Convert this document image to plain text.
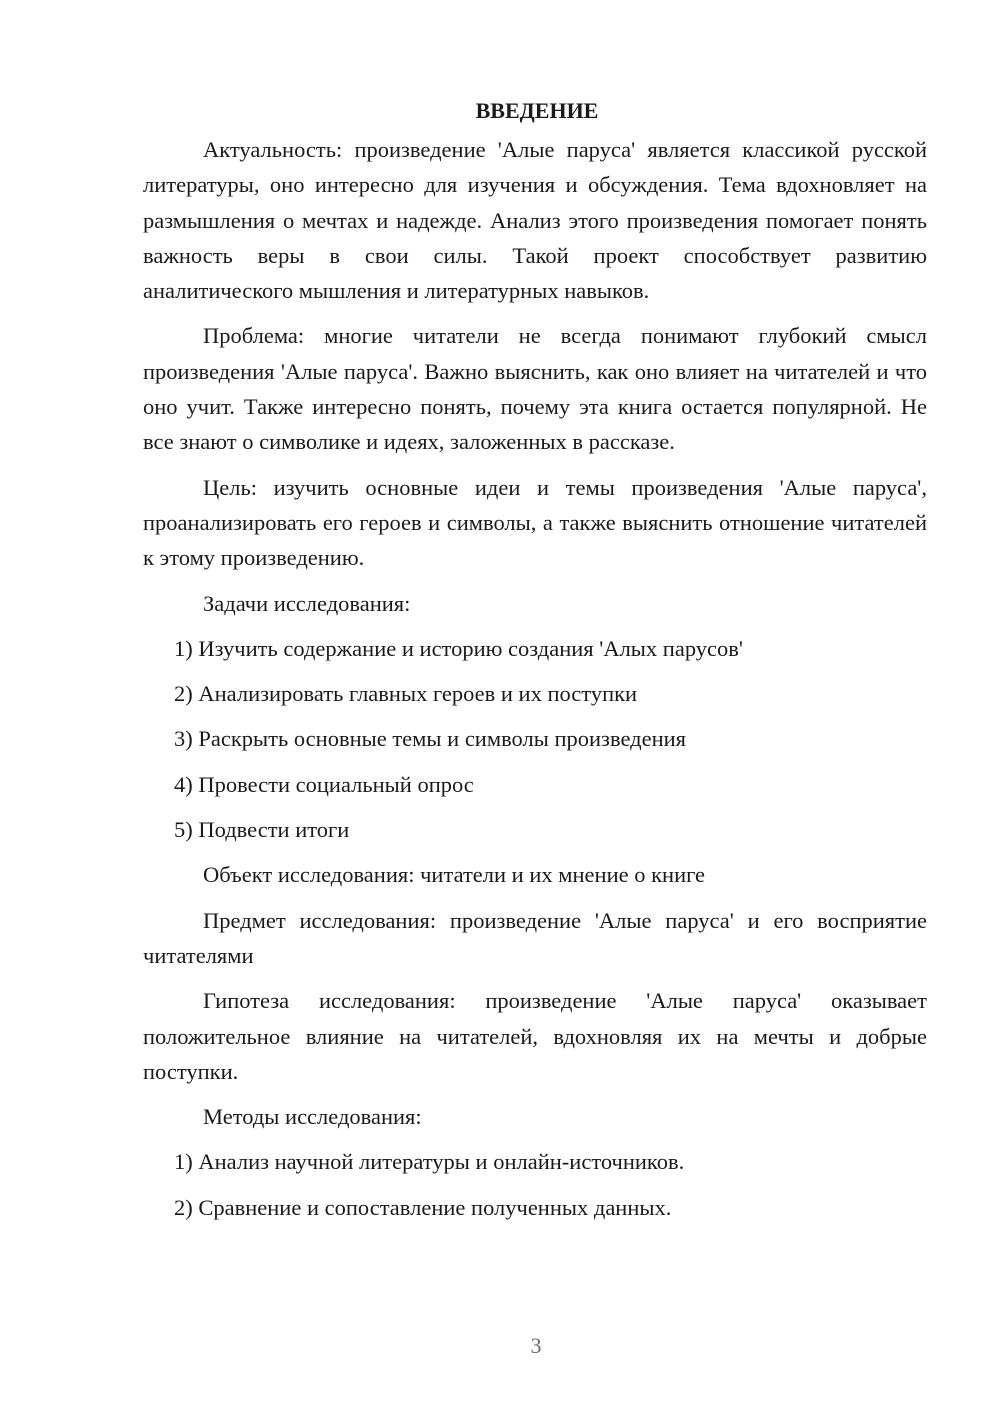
ВВЕДЕНИЕ

Актуальность: произведение 'Алые паруса' является классикой русской литературы, оно интересно для изучения и обсуждения. Тема вдохновляет на размышления о мечтах и надежде. Анализ этого произведения помогает понять важность веры в свои силы. Такой проект способствует развитию аналитического мышления и литературных навыков.

Проблема: многие читатели не всегда понимают глубокий смысл произведения 'Алые паруса'. Важно выяснить, как оно влияет на читателей и что оно учит. Также интересно понять, почему эта книга остается популярной. Не все знают о символике и идеях, заложенных в рассказе.

Цель: изучить основные идеи и темы произведения 'Алые паруса', проанализировать его героев и символы, а также выяснить отношение читателей к этому произведению.

Задачи исследования:

1) Изучить содержание и историю создания 'Алых парусов'

2) Анализировать главных героев и их поступки

3) Раскрыть основные темы и символы произведения

4) Провести социальный опрос

5) Подвести итоги

Объект исследования: читатели и их мнение о книге

Предмет исследования: произведение 'Алые паруса' и его восприятие читателями

Гипотеза исследования: произведение 'Алые паруса' оказывает положительное влияние на читателей, вдохновляя их на мечты и добрые поступки.

Методы исследования:

1) Анализ научной литературы и онлайн-источников.

2) Сравнение и сопоставление полученных данных.

3
